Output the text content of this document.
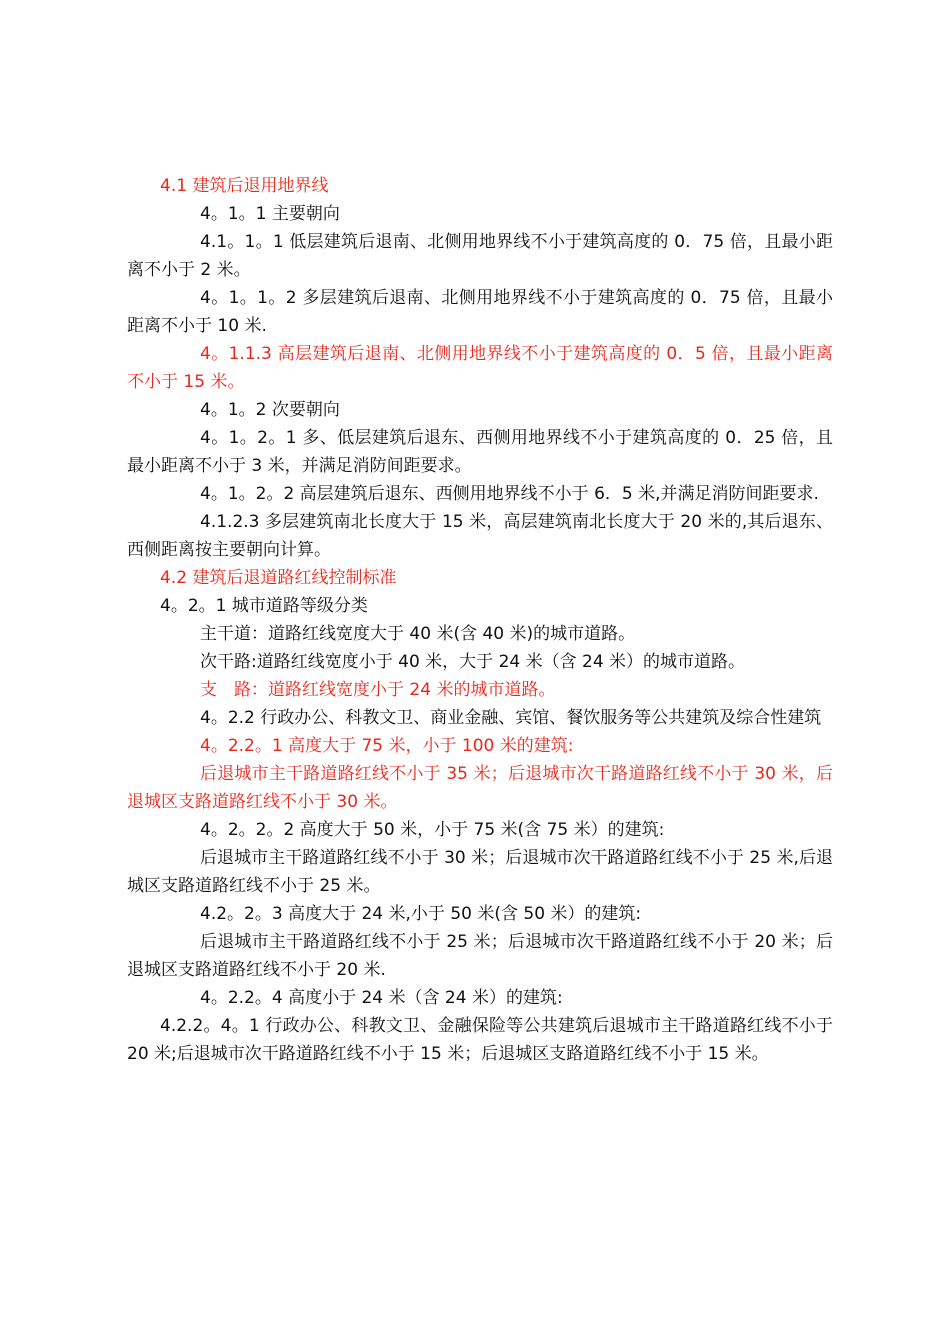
4.1 建筑后退用地界线

4。1。1 主要朝向

4.1。1。1 低层建筑后退南、北侧用地界线不小于建筑高度的 0．75 倍，且最小距离不小于 2 米。

4。1。1。2 多层建筑后退南、北侧用地界线不小于建筑高度的 0．75 倍，且最小距离不小于 10 米.

4。1.1.3 高层建筑后退南、北侧用地界线不小于建筑高度的 0．5 倍，且最小距离不小于 15 米。

4。1。2 次要朝向

4。1。2。1 多、低层建筑后退东、西侧用地界线不小于建筑高度的 0．25 倍，且最小距离不小于 3 米，并满足消防间距要求。

4。1。2。2 高层建筑后退东、西侧用地界线不小于 6．5 米,并满足消防间距要求.

4.1.2.3 多层建筑南北长度大于 15 米，高层建筑南北长度大于 20 米的,其后退东、西侧距离按主要朝向计算。

4.2 建筑后退道路红线控制标准

4。2。1 城市道路等级分类

主干道：道路红线宽度大于 40 米(含 40 米)的城市道路。

次干路:道路红线宽度小于 40 米，大于 24 米（含 24 米）的城市道路。

支　路：道路红线宽度小于 24 米的城市道路。

4。2.2 行政办公、科教文卫、商业金融、宾馆、餐饮服务等公共建筑及综合性建筑

4。2.2。1 高度大于 75 米，小于 100 米的建筑:

后退城市主干路道路红线不小于 35 米；后退城市次干路道路红线不小于 30 米，后退城区支路道路红线不小于 30 米。

4。2。2。2 高度大于 50 米，小于 75 米(含 75 米）的建筑:

后退城市主干路道路红线不小于 30 米；后退城市次干路道路红线不小于 25 米,后退城区支路道路红线不小于 25 米。

4.2。2。3 高度大于 24 米,小于 50 米(含 50 米）的建筑:

后退城市主干路道路红线不小于 25 米；后退城市次干路道路红线不小于 20 米；后退城区支路道路红线不小于 20 米.

4。2.2。4 高度小于 24 米（含 24 米）的建筑:

4.2.2。4。1 行政办公、科教文卫、金融保险等公共建筑后退城市主干路道路红线不小于 20 米;后退城市次干路道路红线不小于 15 米；后退城区支路道路红线不小于 15 米。
